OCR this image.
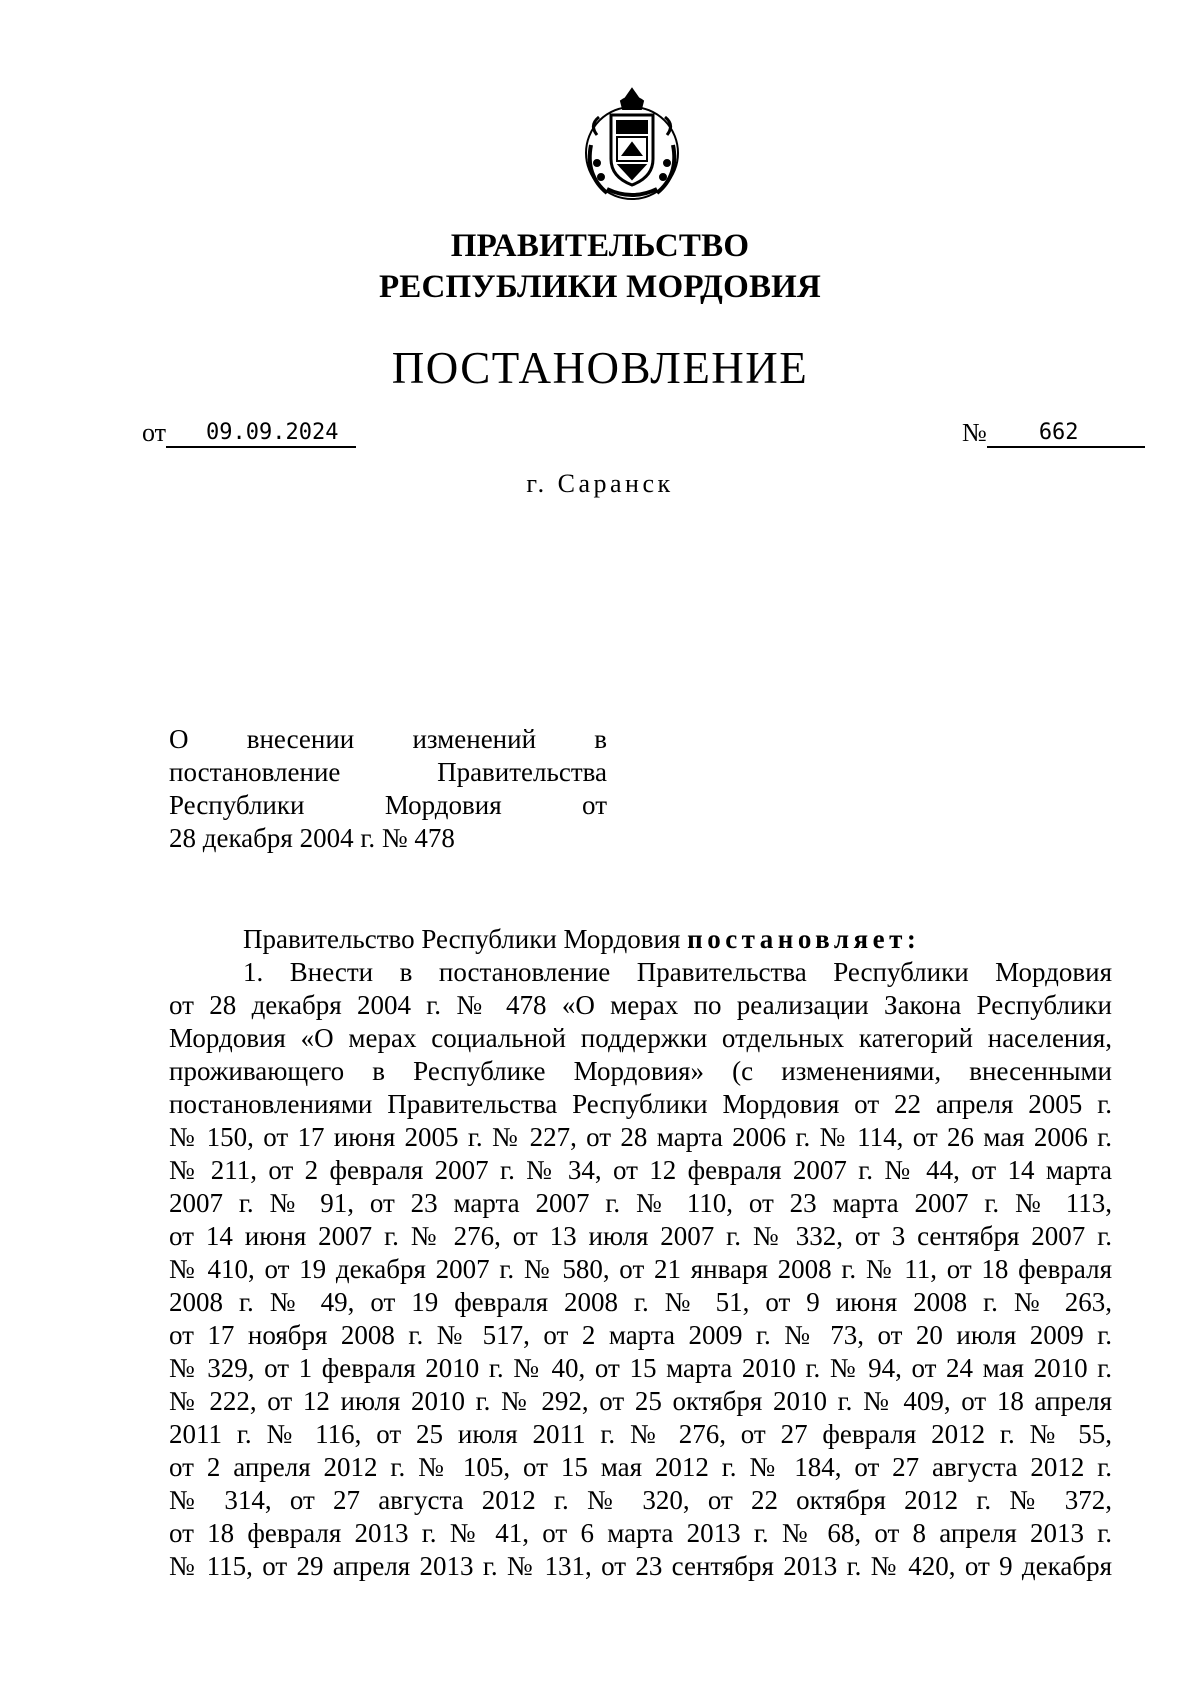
ПРАВИТЕЛЬСТВО
РЕСПУБЛИКИ МОРДОВИЯ
ПОСТАНОВЛЕНИЕ
от 09.09.2024	№ 662
г. Саранск
О внесении изменений в
постановление	Правительства
Республики	Мордовия	от
28 декабря 2004 г. № 478

Правительство Республики Мордовия постановляет:

1. Внести в постановление Правительства Республики Мордовия
от 28 декабря 2004 г. № 478 «О мерах по реализации Закона Республики
Мордовия «О мерах социальной поддержки отдельных категорий населения,
проживающего в Республике Мордовия» (с изменениями, внесенными
постановлениями Правительства Республики Мордовия от 22 апреля 2005 г.
№ 150, от 17 июня 2005 г. № 227, от 28 марта 2006 г. № 114, от 26 мая 2006 г.
№ 211, от 2 февраля 2007 г. № 34, от 12 февраля 2007 г. № 44, от 14 марта
2007 г. № 91, от 23 марта 2007 г. № 110, от 23 марта 2007 г. № 113,
от 14 июня 2007 г. № 276, от 13 июля 2007 г. № 332, от 3 сентября 2007 г.
№ 410, от 19 декабря 2007 г. № 580, от 21 января 2008 г. № 11, от 18 февраля
2008 г. № 49, от 19 февраля 2008 г. № 51, от 9 июня 2008 г. № 263,
от 17 ноября 2008 г. № 517, от 2 марта 2009 г. № 73, от 20 июля 2009 г.
№ 329, от 1 февраля 2010 г. № 40, от 15 марта 2010 г. № 94, от 24 мая 2010 г.
№ 222, от 12 июля 2010 г. № 292, от 25 октября 2010 г. № 409, от 18 апреля
2011 г. № 116, от 25 июля 2011 г. № 276, от 27 февраля 2012 г. № 55,
от 2 апреля 2012 г. № 105, от 15 мая 2012 г. № 184, от 27 августа 2012 г.
№ 314, от 27 августа 2012 г. № 320, от 22 октября 2012 г. № 372,
от 18 февраля 2013 г. № 41, от 6 марта 2013 г. № 68, от 8 апреля 2013 г.
№ 115, от 29 апреля 2013 г. № 131, от 23 сентября 2013 г. № 420, от 9 декабря
